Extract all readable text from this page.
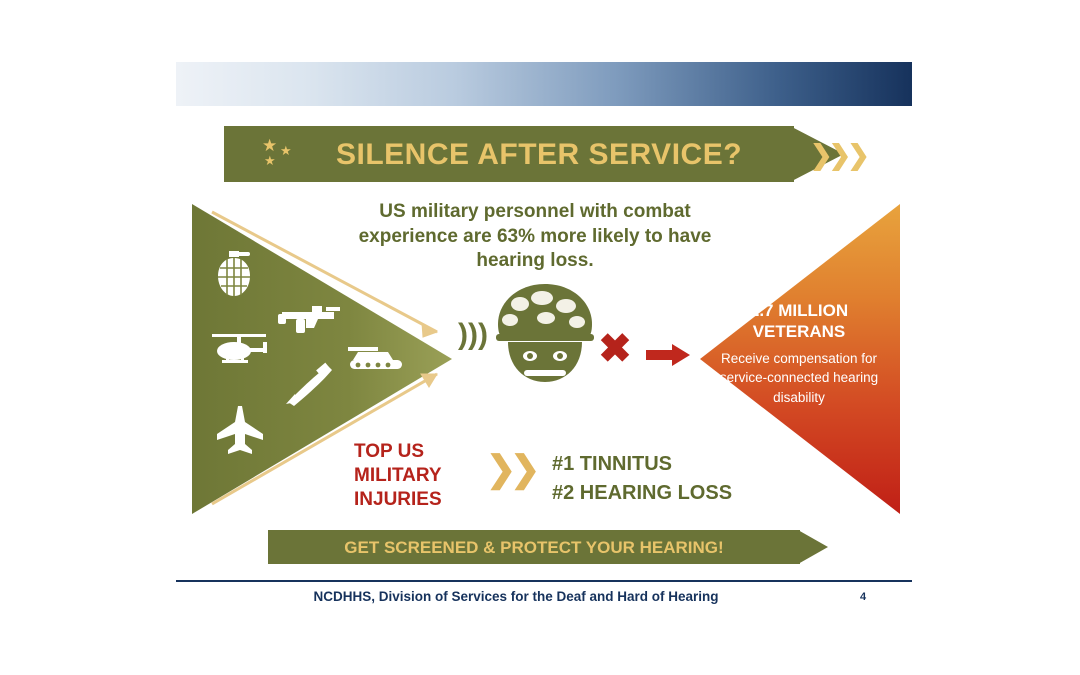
★ ★
★	SILENCE AFTER SERVICE?	❯❯❯
US military personnel with combat experience are 63% more likely to have hearing loss.
(((	✖
2.7 MILLION VETERANS
Receive compensation for service-connected hearing disability
TOP US MILITARY INJURIES
❯❯ #1 TINNITUS
#2 HEARING LOSS
GET SCREENED & PROTECT YOUR HEARING!
NCDHHS, Division of Services for the Deaf and Hard of Hearing	4
